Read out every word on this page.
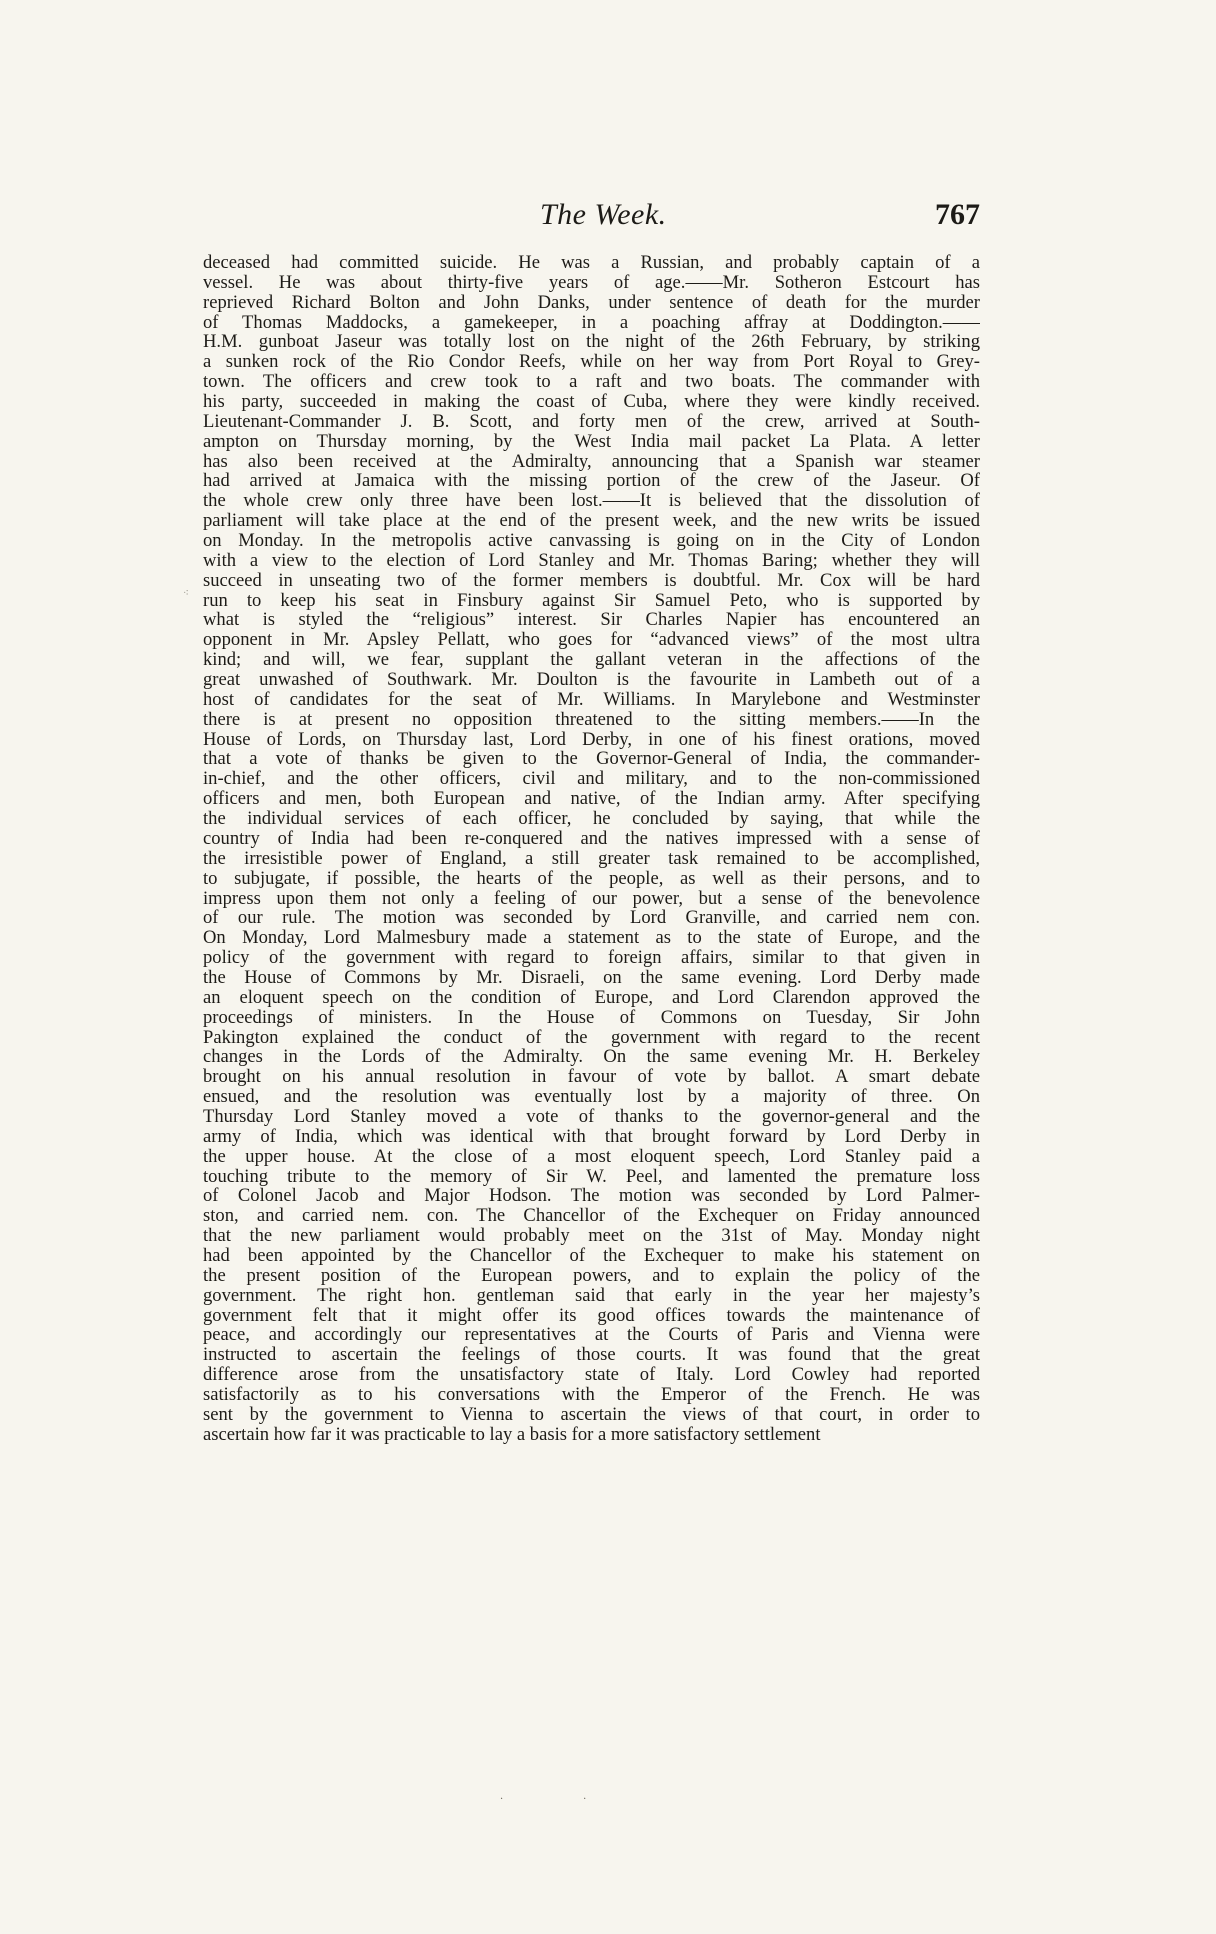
The Week.	767
⁖
deceased had committed suicide. He was a Russian, and probably captain of a
vessel. He was about thirty-five years of age.——Mr. Sotheron Estcourt has
reprieved Richard Bolton and John Danks, under sentence of death for the murder
of Thomas Maddocks, a gamekeeper, in a poaching affray at Doddington.——
H.M. gunboat Jaseur was totally lost on the night of the 26th February, by striking
a sunken rock of the Rio Condor Reefs, while on her way from Port Royal to Grey-
town. The officers and crew took to a raft and two boats. The commander with
his party, succeeded in making the coast of Cuba, where they were kindly received.
Lieutenant-Commander J. B. Scott, and forty men of the crew, arrived at South-
ampton on Thursday morning, by the West India mail packet La Plata. A letter
has also been received at the Admiralty, announcing that a Spanish war steamer
had arrived at Jamaica with the missing portion of the crew of the Jaseur. Of
the whole crew only three have been lost.——It is believed that the dissolution of
parliament will take place at the end of the present week, and the new writs be issued
on Monday. In the metropolis active canvassing is going on in the City of London
with a view to the election of Lord Stanley and Mr. Thomas Baring; whether they will
succeed in unseating two of the former members is doubtful. Mr. Cox will be hard
run to keep his seat in Finsbury against Sir Samuel Peto, who is supported by
what is styled the “religious” interest. Sir Charles Napier has encountered an
opponent in Mr. Apsley Pellatt, who goes for “advanced views” of the most ultra
kind; and will, we fear, supplant the gallant veteran in the affections of the
great unwashed of Southwark. Mr. Doulton is the favourite in Lambeth out of a
host of candidates for the seat of Mr. Williams. In Marylebone and Westminster
there is at present no opposition threatened to the sitting members.——In the
House of Lords, on Thursday last, Lord Derby, in one of his finest orations, moved
that a vote of thanks be given to the Governor-General of India, the commander-
in-chief, and the other officers, civil and military, and to the non-commissioned
officers and men, both European and native, of the Indian army. After specifying
the individual services of each officer, he concluded by saying, that while the
country of India had been re-conquered and the natives impressed with a sense of
the irresistible power of England, a still greater task remained to be accomplished,
to subjugate, if possible, the hearts of the people, as well as their persons, and to
impress upon them not only a feeling of our power, but a sense of the benevolence
of our rule. The motion was seconded by Lord Granville, and carried nem con.
On Monday, Lord Malmesbury made a statement as to the state of Europe, and the
policy of the government with regard to foreign affairs, similar to that given in
the House of Commons by Mr. Disraeli, on the same evening. Lord Derby made
an eloquent speech on the condition of Europe, and Lord Clarendon approved the
proceedings of ministers. In the House of Commons on Tuesday, Sir John
Pakington explained the conduct of the government with regard to the recent
changes in the Lords of the Admiralty. On the same evening Mr. H. Berkeley
brought on his annual resolution in favour of vote by ballot. A smart debate
ensued, and the resolution was eventually lost by a majority of three. On
Thursday Lord Stanley moved a vote of thanks to the governor-general and the
army of India, which was identical with that brought forward by Lord Derby in
the upper house. At the close of a most eloquent speech, Lord Stanley paid a
touching tribute to the memory of Sir W. Peel, and lamented the premature loss
of Colonel Jacob and Major Hodson. The motion was seconded by Lord Palmer-
ston, and carried nem. con. The Chancellor of the Exchequer on Friday announced
that the new parliament would probably meet on the 31st of May. Monday night
had been appointed by the Chancellor of the Exchequer to make his statement on
the present position of the European powers, and to explain the policy of the
government. The right hon. gentleman said that early in the year her majesty’s
government felt that it might offer its good offices towards the maintenance of
peace, and accordingly our representatives at the Courts of Paris and Vienna were
instructed to ascertain the feelings of those courts. It was found that the great
difference arose from the unsatisfactory state of Italy. Lord Cowley had reported
satisfactorily as to his conversations with the Emperor of the French. He was
sent by the government to Vienna to ascertain the views of that court, in order to
ascertain how far it was practicable to lay a basis for a more satisfactory settlement
··
